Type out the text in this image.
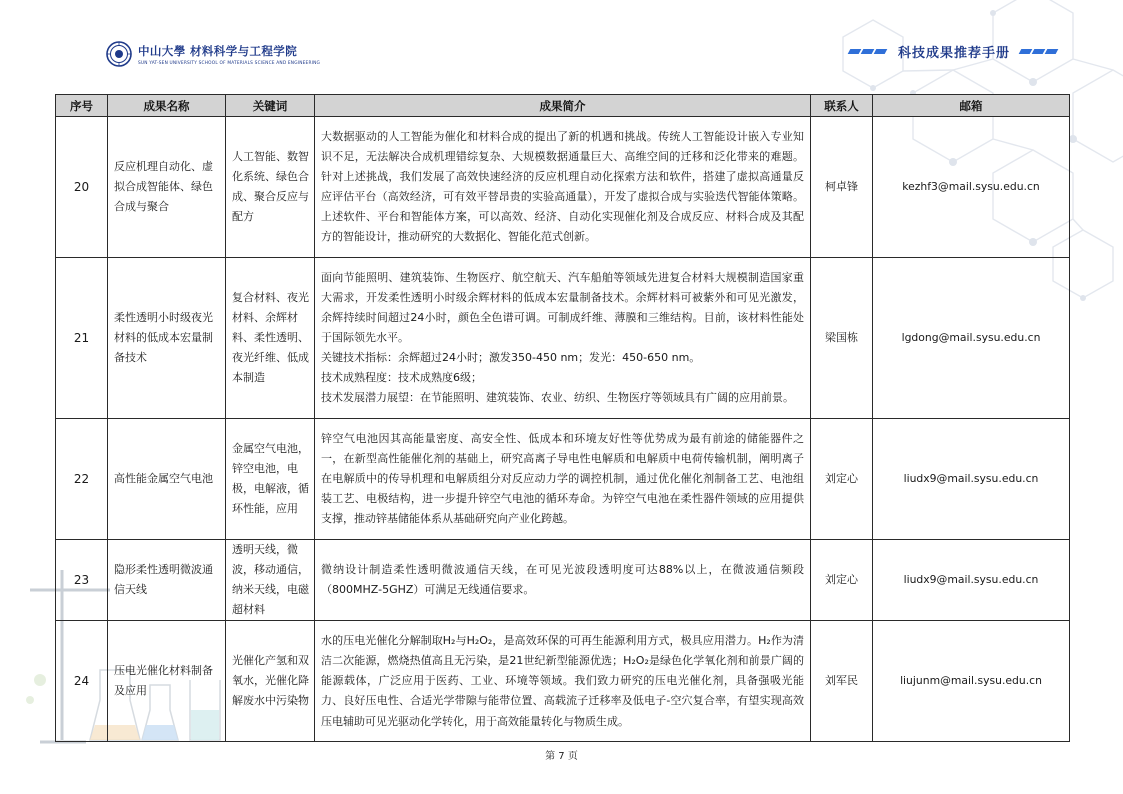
中山大學 材料科学与工程学院
SUN YAT-SEN UNIVERSITY SCHOOL OF MATERIALS SCIENCE AND ENGINEERING
科技成果推荐手册
序号	成果名称	关键词	成果简介	联系人	邮箱
20	反应机理自动化、虚拟合成智能体、绿色合成与聚合	人工智能、数智化系统、绿色合成、聚合反应与配方	大数据驱动的人工智能为催化和材料合成的提出了新的机遇和挑战。传统人工智能设计嵌入专业知识不足，无法解决合成机理错综复杂、大规模数据通量巨大、高维空间的迁移和泛化带来的难题。针对上述挑战，我们发展了高效快速经济的反应机理自动化探索方法和软件，搭建了虚拟高通量反应评估平台（高效经济，可有效平替昂贵的实验高通量），开发了虚拟合成与实验迭代智能体策略。上述软件、平台和智能体方案，可以高效、经济、自动化实现催化剂及合成反应、材料合成及其配方的智能设计，推动研究的大数据化、智能化范式创新。	柯卓锋	kezhf3@mail.sysu.edu.cn
21	柔性透明小时级夜光材料的低成本宏量制备技术	复合材料、夜光材料、余辉材料、柔性透明、夜光纤维、低成本制造	面向节能照明、建筑装饰、生物医疗、航空航天、汽车船舶等领域先进复合材料大规模制造国家重大需求，开发柔性透明小时级余辉材料的低成本宏量制备技术。余辉材料可被紫外和可见光激发，余辉持续时间超过24小时，颜色全色谱可调。可制成纤维、薄膜和三维结构。目前，该材料性能处于国际领先水平。
关键技术指标：余辉超过24小时；激发350-450 nm；发光：450-650 nm。
技术成熟程度：技术成熟度6级；
技术发展潜力展望：在节能照明、建筑装饰、农业、纺织、生物医疗等领域具有广阔的应用前景。	梁国栋	lgdong@mail.sysu.edu.cn
22	高性能金属空气电池	金属空气电池，锌空电池，电极，电解液，循环性能，应用	锌空气电池因其高能量密度、高安全性、低成本和环境友好性等优势成为最有前途的储能器件之一，在新型高性能催化剂的基础上，研究高离子导电性电解质和电解质中电荷传输机制，阐明离子在电解质中的传导机理和电解质组分对反应动力学的调控机制，通过优化催化剂制备工艺、电池组装工艺、电极结构，进一步提升锌空气电池的循环寿命。为锌空气电池在柔性器件领域的应用提供支撑，推动锌基储能体系从基础研究向产业化跨越。	刘定心	liudx9@mail.sysu.edu.cn
23	隐形柔性透明微波通信天线	透明天线，微波，移动通信，纳米天线，电磁超材料	微纳设计制造柔性透明微波通信天线，在可见光波段透明度可达88%以上，在微波通信频段（800MHZ-5GHZ）可满足无线通信要求。	刘定心	liudx9@mail.sysu.edu.cn
24	压电光催化材料制备及应用	光催化产氢和双氧水，光催化降解废水中污染物	水的压电光催化分解制取H₂与H₂O₂，是高效环保的可再生能源利用方式，极具应用潜力。H₂作为清洁二次能源，燃烧热值高且无污染，是21世纪新型能源优选；H₂O₂是绿色化学氧化剂和前景广阔的能源载体，广泛应用于医药、工业、环境等领域。我们致力研究的压电光催化剂，具备强吸光能力、良好压电性、合适光学带隙与能带位置、高载流子迁移率及低电子-空穴复合率，有望实现高效压电辅助可见光驱动化学转化，用于高效能量转化与物质生成。	刘军民	liujunm@mail.sysu.edu.cn
第 7 页
